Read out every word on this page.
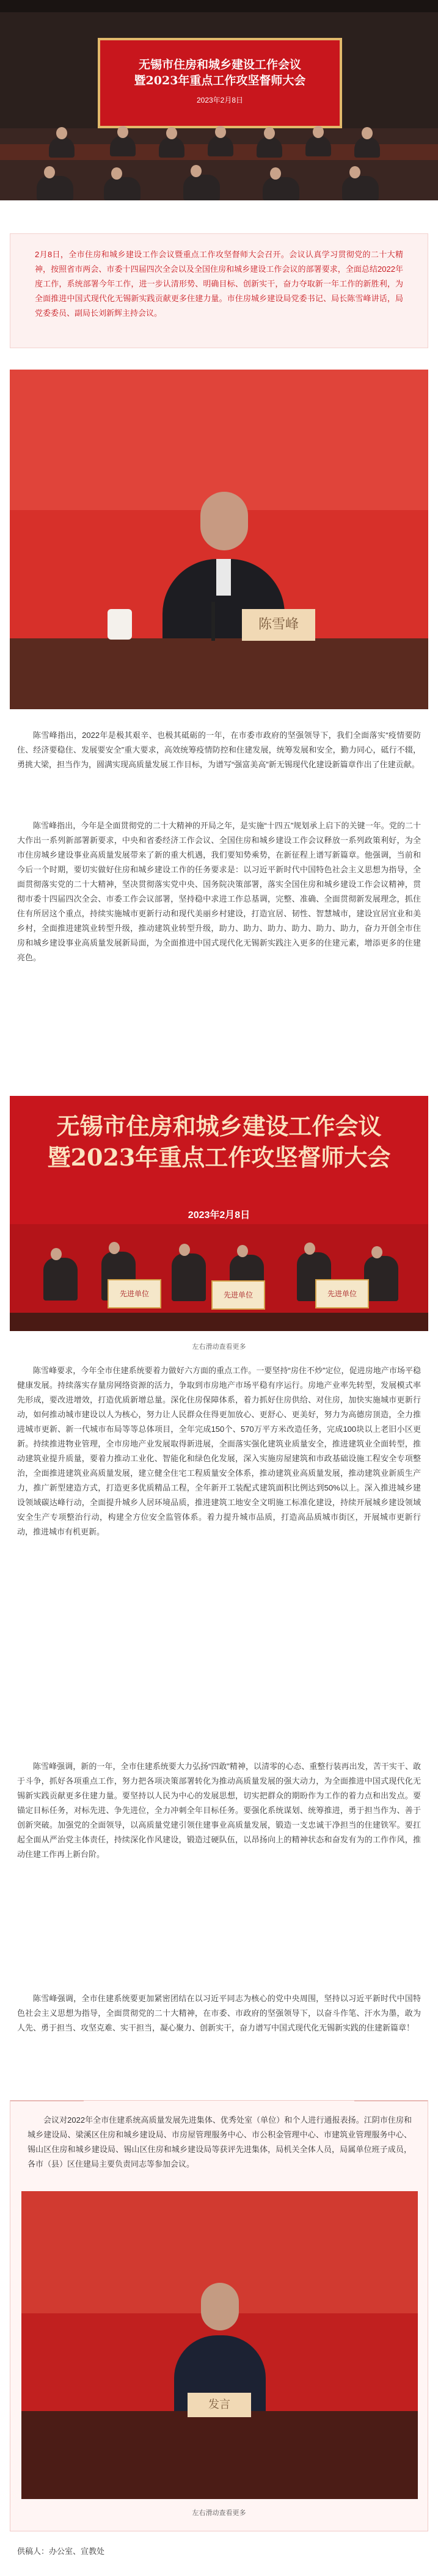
无锡市住房和城乡建设工作会议
暨2023年重点工作攻坚督师大会
2023年2月8日
2月8日，全市住房和城乡建设工作会议暨重点工作攻坚督师大会召开。会议认真学习贯彻党的二十大精神，按照省市两会、市委十四届四次全会以及全国住房和城乡建设工作会议的部署要求，全面总结2022年度工作，系统部署今年工作，进一步认清形势、明确目标、创新实干，奋力夺取新一年工作的新胜利，为全面推进中国式现代化无锡新实践贡献更多住建力量。市住房城乡建设局党委书记、局长陈雪峰讲话，局党委委员、副局长刘新辉主持会议。
陈雪峰

陈雪峰指出，2022年是极其艰辛、也极其砥砺的一年，在市委市政府的坚强领导下，我们全面落实“疫情要防住、经济要稳住、发展要安全”重大要求，高效统筹疫情防控和住建发展，统筹发展和安全，勤力同心，砥行不辍，勇挑大梁，担当作为，圆满实现高质量发展工作目标，为谱写“强富美高”新无锡现代化建设新篇章作出了住建贡献。

陈雪峰指出，今年是全面贯彻党的二十大精神的开局之年，是实施“十四五”规划承上启下的关键一年。党的二十大作出一系列新部署新要求，中央和省委经济工作会议、全国住房和城乡建设工作会议释放一系列政策利好，为全市住房城乡建设事业高质量发展带来了新的重大机遇，我们要知势乘势，在新征程上谱写新篇章。他强调，当前和今后一个时期，要切实做好住房和城乡建设工作的任务要求是：以习近平新时代中国特色社会主义思想为指导，全面贯彻落实党的二十大精神，坚决贯彻落实党中央、国务院决策部署，落实全国住房和城乡建设工作会议精神，贯彻市委十四届四次全会、市委工作会议部署，坚持稳中求进工作总基调，完整、准确、全面贯彻新发展理念，抓住住有所居这个重点，持续实施城市更新行动和现代美丽乡村建设，打造宜居、韧性、智慧城市，建设宜居宜业和美乡村，全面推进建筑业转型升级，推动建筑业转型升级，助力、助力、助力、助力、助力、助力，奋力开创全市住房和城乡建设事业高质量发展新局面，为全面推进中国式现代化无锡新实践注入更多的住建元素，增添更多的住建亮色。

无锡市住房和城乡建设工作会议
暨2023年重点工作攻坚督师大会
2023年2月8日
先进单位	先进单位	先进单位
左右滑动查看更多

陈雪峰要求，今年全市住建系统要着力做好六方面的重点工作。一要坚持“房住不炒”定位，促进房地产市场平稳健康发展。持续落实存量房网络资源的活力，争取到市房地产市场平稳有序运行。房地产业率先转型，发展模式率先形成，要改进增效，打造优质新增总量。深化住房保障体系，着力抓好住房供给、对住房，加快实施城市更新行动，如何推动城市建设以人为核心，努力让人民群众住得更加放心、更舒心、更美好，努力为高德房顶造，全力推进城市更新、新一代城市布局等等总体项目，全年完成150个、570万平方米改造任务，完成100块以上老旧小区更新。持续推进物业管理，全市房地产业发展取得新进展，全面落实强化建筑业质量安全，推进建筑业全面转型，推动建筑业提升质量，要着力推动工业化、智能化和绿色化发展，深入实施房屋建筑和市政基础设施工程安全专项整治，全面推进建筑业高质量发展，建立健全住宅工程质量安全体系，推动建筑业高质量发展，推动建筑业新质生产力，推广新型建造方式，打造更多优质精品工程，全年新开工装配式建筑面积比例达到50%以上。深入推进城乡建设领域碳达峰行动，全面提升城乡人居环境品质，推进建筑工地安全文明施工标准化建设，持续开展城乡建设领域安全生产专项整治行动，构建全方位安全监管体系。着力提升城市品质，打造高品质城市街区，开展城市更新行动，推进城市有机更新。

陈雪峰强调，新的一年，全市住建系统要大力弘扬“四敢”精神，以清零的心态、重整行装再出发，苦干实干、敢于斗争，抓好各项重点工作，努力把各项决策部署转化为推动高质量发展的强大动力，为全面推进中国式现代化无锡新实践贡献更多住建力量。要坚持以人民为中心的发展思想，切实把群众的期盼作为工作的着力点和出发点。要锚定目标任务，对标先进、争先进位，全力冲刺全年目标任务。要强化系统谋划、统筹推进，勇于担当作为、善于创新突破。加强党的全面领导，以高质量党建引领住建事业高质量发展，锻造一支忠诚干净担当的住建铁军。要扛起全面从严治党主体责任，持续深化作风建设，锻造过硬队伍，以昂扬向上的精神状态和奋发有为的工作作风，推动住建工作再上新台阶。

陈雪峰强调，全市住建系统要更加紧密团结在以习近平同志为核心的党中央周围，坚持以习近平新时代中国特色社会主义思想为指导，全面贯彻党的二十大精神，在市委、市政府的坚强领导下，以奋斗作笔、汗水为墨，敢为人先、勇于担当、攻坚克难、实干担当，凝心聚力、创新实干，奋力谱写中国式现代化无锡新实践的住建新篇章！

会议对2022年全市住建系统高质量发展先进集体、优秀处室（单位）和个人进行通报表扬。江阴市住房和城乡建设局、梁溪区住房和城乡建设局、市房屋管理服务中心、市公积金管理中心、市建筑业管理服务中心、锡山区住房和城乡建设局、锡山区住房和城乡建设局等获评先进集体，局机关全体人员，局属单位班子成员，各市（县）区住建局主要负责同志等参加会议。

发言
左右滑动查看更多
供稿人：办公室、宣教处
